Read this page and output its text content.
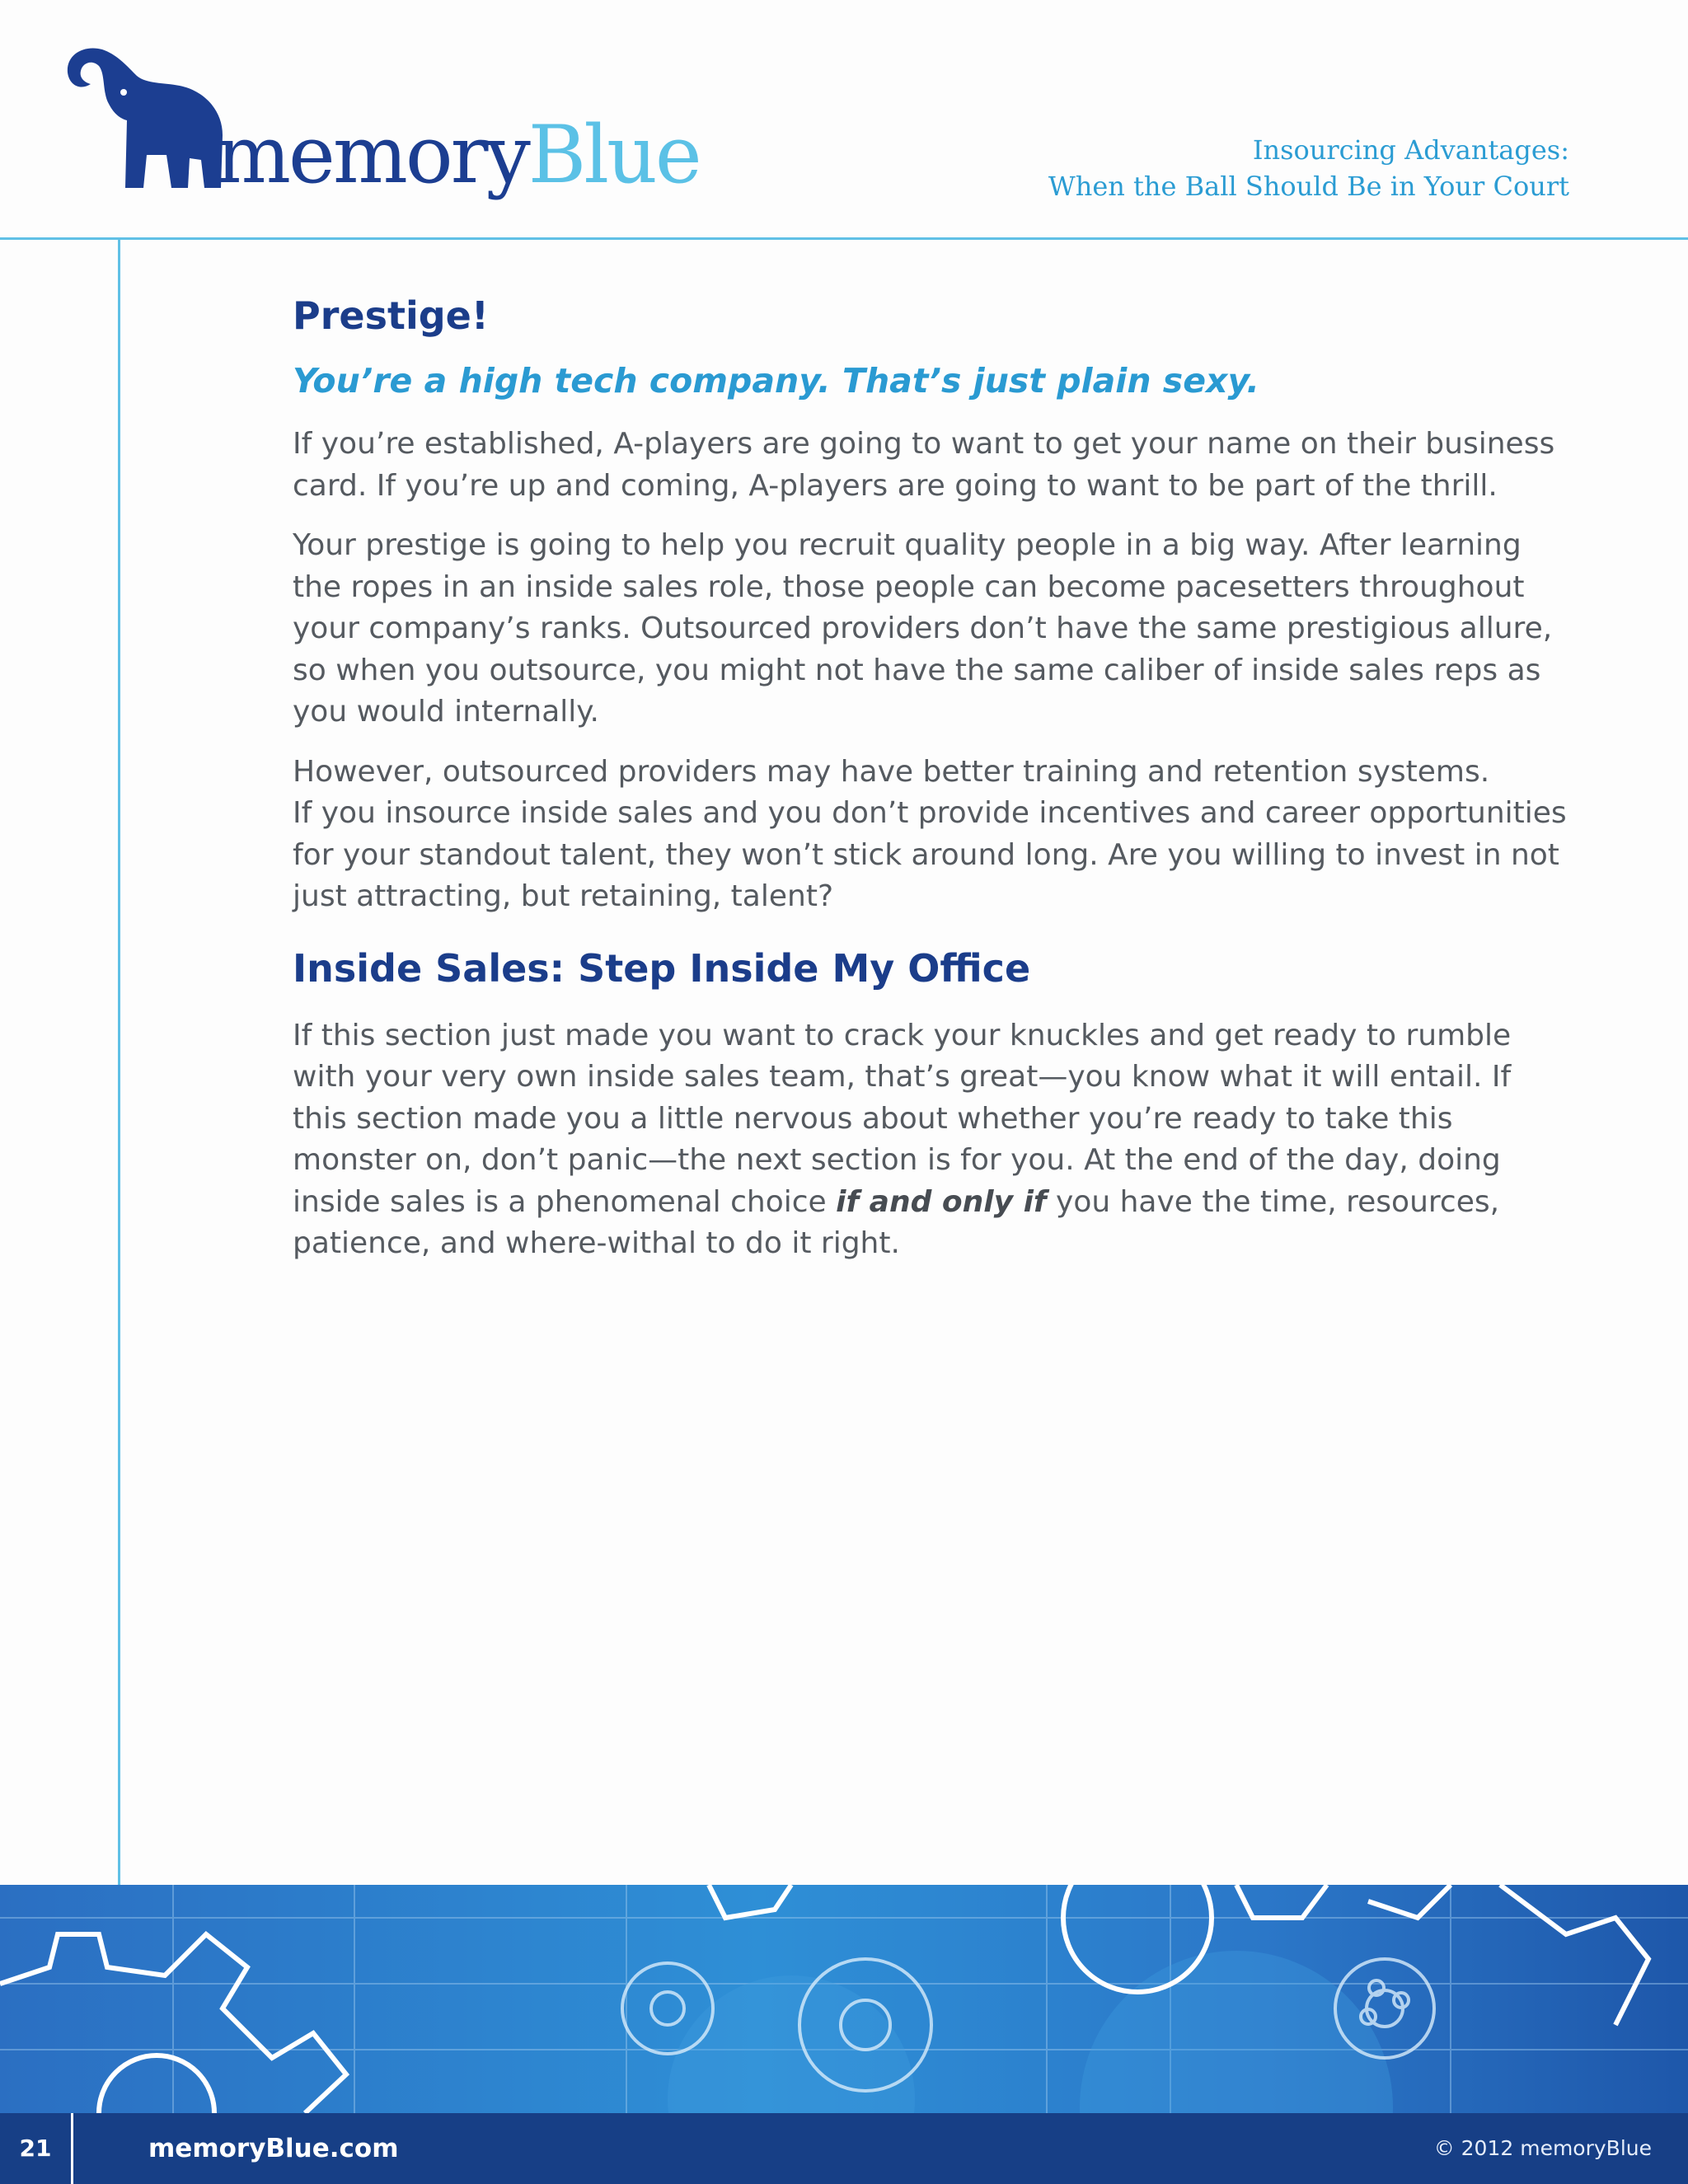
memoryBlue	Insourcing Advantages:
When the Ball Should Be in Your Court
Prestige!
You’re a high tech company. That’s just plain sexy.

If you’re established, A-players are going to want to get your name on their business card. If you’re up and coming, A-players are going to want to be part of the thrill.

Your prestige is going to help you recruit quality people in a big way. After learning the ropes in an inside sales role, those people can become pacesetters throughout your company’s ranks. Outsourced providers don’t have the same prestigious allure, so when you outsource, you might not have the same caliber of inside sales reps as you would internally.

However, outsourced providers may have better training and retention systems.
If you insource inside sales and you don’t provide incentives and career opportunities for your standout talent, they won’t stick around long. Are you willing to invest in not just attracting, but retaining, talent?

Inside Sales: Step Inside My Office

If this section just made you want to crack your knuckles and get ready to rumble with your very own inside sales team, that’s great—you know what it will entail. If this section made you a little nervous about whether you’re ready to take this monster on, don’t panic—the next section is for you. At the end of the day, doing inside sales is a phenomenal choice if and only if you have the time, resources, patience, and where-withal to do it right.

21	memoryBlue.com	© 2012 memoryBlue
